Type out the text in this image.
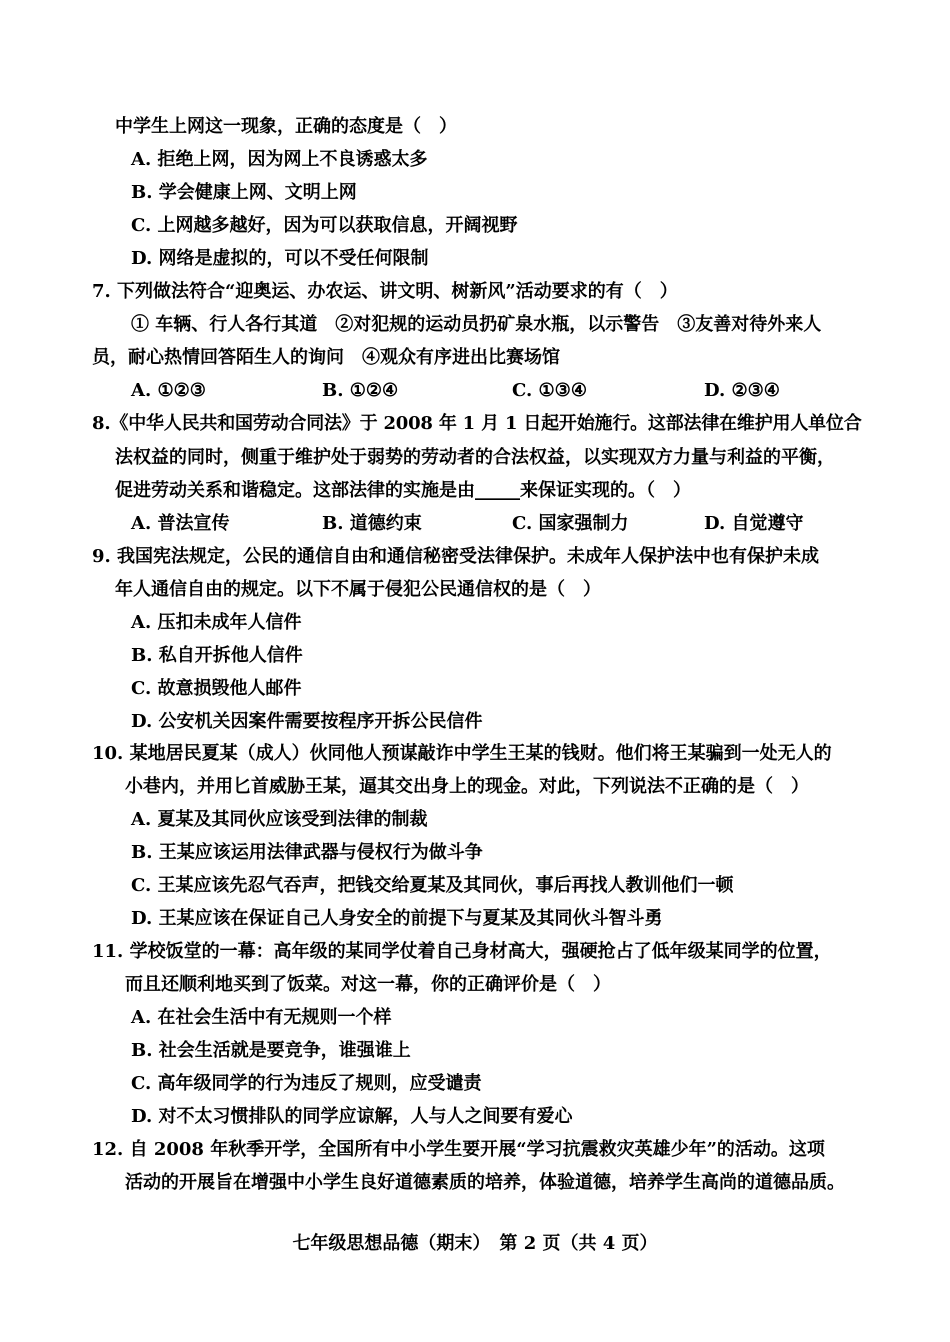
中学生上网这一现象，正确的态度是（　）
A. 拒绝上网，因为网上不良诱惑太多
B. 学会健康上网、文明上网
C. 上网越多越好，因为可以获取信息，开阔视野
D. 网络是虚拟的，可以不受任何限制
7. 下列做法符合“迎奥运、办农运、讲文明、树新风”活动要求的有（　）
① 车辆、行人各行其道　②对犯规的运动员扔矿泉水瓶，以示警告　③友善对待外来人
员，耐心热情回答陌生人的询问　④观众有序进出比赛场馆
A. ①②③	B. ①②④	C. ①③④	D. ②③④
8.《中华人民共和国劳动合同法》于 2008 年 1 月 1 日起开始施行。这部法律在维护用人单位合
法权益的同时，侧重于维护处于弱势的劳动者的合法权益，以实现双方力量与利益的平衡，
促进劳动关系和谐稳定。这部法律的实施是由_____来保证实现的。（　）
A. 普法宣传	B. 道德约束	C. 国家强制力	D. 自觉遵守
9. 我国宪法规定，公民的通信自由和通信秘密受法律保护。未成年人保护法中也有保护未成
年人通信自由的规定。以下不属于侵犯公民通信权的是（　）
A. 压扣未成年人信件
B. 私自开拆他人信件
C. 故意损毁他人邮件
D. 公安机关因案件需要按程序开拆公民信件
10. 某地居民夏某（成人）伙同他人预谋敲诈中学生王某的钱财。他们将王某骗到一处无人的
小巷内，并用匕首威胁王某，逼其交出身上的现金。对此，下列说法不正确的是（　）
A. 夏某及其同伙应该受到法律的制裁
B. 王某应该运用法律武器与侵权行为做斗争
C. 王某应该先忍气吞声，把钱交给夏某及其同伙，事后再找人教训他们一顿
D. 王某应该在保证自己人身安全的前提下与夏某及其同伙斗智斗勇
11. 学校饭堂的一幕：高年级的某同学仗着自己身材高大，强硬抢占了低年级某同学的位置，
而且还顺利地买到了饭菜。对这一幕，你的正确评价是（　）
A. 在社会生活中有无规则一个样
B. 社会生活就是要竞争，谁强谁上
C. 高年级同学的行为违反了规则，应受谴责
D. 对不太习惯排队的同学应谅解，人与人之间要有爱心
12. 自 2008 年秋季开学，全国所有中小学生要开展“学习抗震救灾英雄少年”的活动。这项
活动的开展旨在增强中小学生良好道德素质的培养，体验道德，培养学生高尚的道德品质。
七年级思想品德（期末）　第 2 页（共 4 页）
